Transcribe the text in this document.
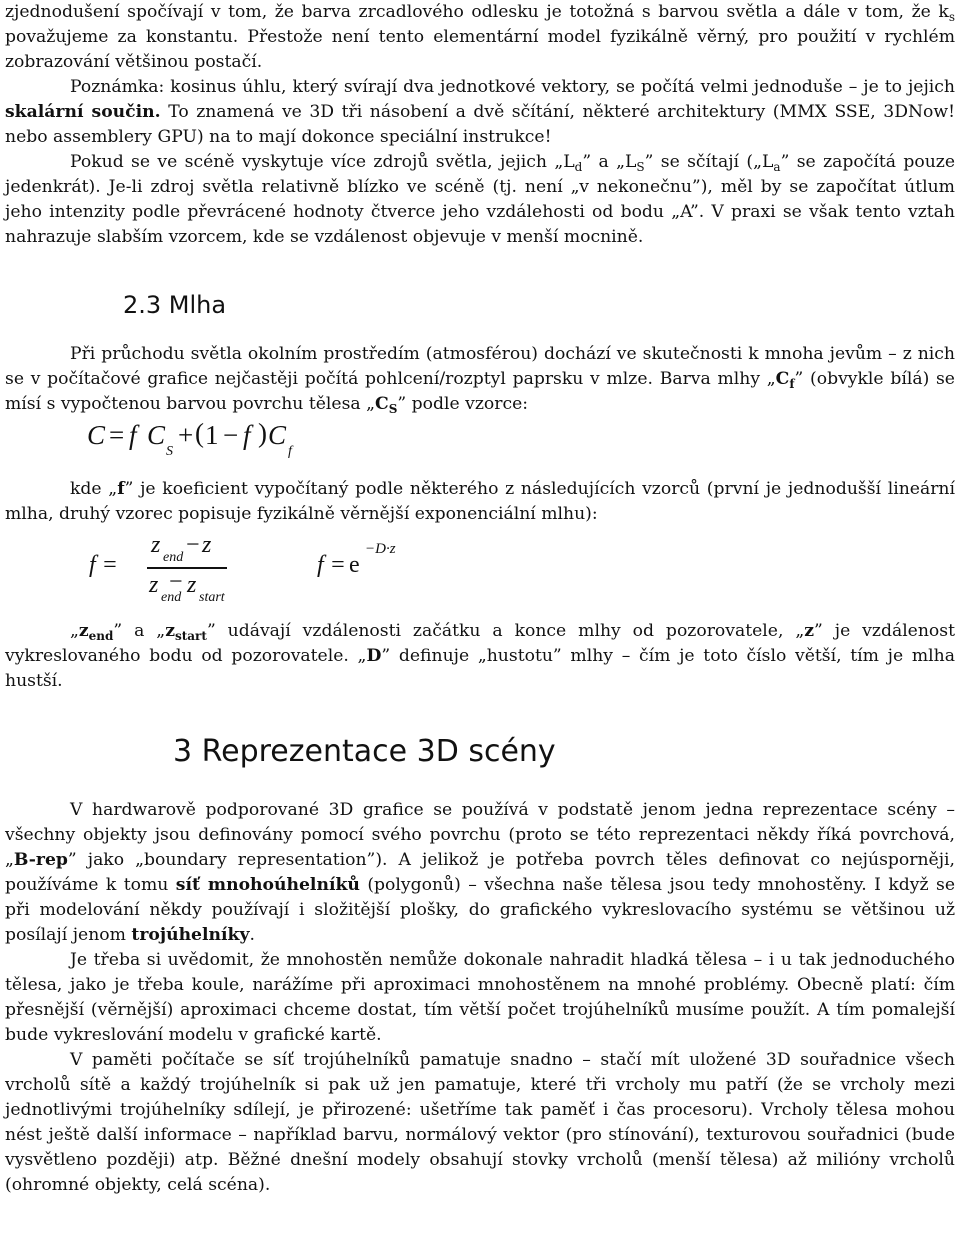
zjednodušení spočívají v tom, že barva zrcadlového odlesku je totožná s barvou světla a dále v tom, že $k_s$ považujeme za konstantu. Přestože není tento elementární model fyzikálně věrný, pro použití v rychlém zobrazování většinou postačí.

Poznámka: kosinus úhlu, který svírají dva jednotkové vektory, se počítá velmi jednoduše – je to jejich skalární součin. To znamená ve 3D tři násobení a dvě sčítání, některé architektury (MMX SSE, 3DNow! nebo assemblery GPU) na to mají dokonce speciální instrukce!

Pokud se ve scéně vyskytuje více zdrojů světla, jejich $„L_d$” a $„L_S$” se sčítají ($„L_a$” se započítá pouze jedenkrát). Je-li zdroj světla relativně blízko ve scéně (tj. není „v nekonečnu”), měl by se započítat útlum jeho intenzity podle převrácené hodnoty čtverce jeho vzdálehosti od bodu „A”. V praxi se však tento vztah nahrazuje slabším vzorcem, kde se vzdálenost objevuje v menší mocnině.

2.3 Mlha

Při průchodu světla okolním prostředím (atmosférou) dochází ve skutečnosti k mnoha jevům – z nich se v počítačové grafice nejčastěji počítá pohlcení/rozptyl paprsku v mlze. Barva mlhy $„C_f$” (obvykle bílá) se mísí s vypočtenou barvou povrchu tělesa $„C_S$” podle vzorce:

C = f C
S
+ ( 1 − f ) C
f

kde „f” je koeficient vypočítaný podle některého z následujících vzorců (první je jednodušší lineární mlha, druhý vzorec popisuje fyzikálně věrnější exponenciální mlhu):

f =
z end − z
z end
− z start
f = e
−D·z

$„z_{end}$” a $„z_{start}$” udávají vzdálenosti začátku a konce mlhy od pozorovatele, „z” je vzdálenost vykreslovaného bodu od pozorovatele. „D” definuje „hustotu” mlhy – čím je toto číslo větší, tím je mlha hustší.

3 Reprezentace 3D scény

V hardwarově podporované 3D grafice se používá v podstatě jenom jedna reprezentace scény – všechny objekty jsou definovány pomocí svého povrchu (proto se této reprezentaci někdy říká povrchová, „B-rep” jako „boundary representation”). A jelikož je potřeba povrch těles definovat co nejúsporněji, používáme k tomu síť mnohoúhelníků (polygonů) – všechna naše tělesa jsou tedy mnohostěny. I když se při modelování někdy používají i složitější plošky, do grafického vykreslovacího systému se většinou už posílají jenom trojúhelníky.

Je třeba si uvědomit, že mnohostěn nemůže dokonale nahradit hladká tělesa – i u tak jednoduchého tělesa, jako je třeba koule, narážíme při aproximaci mnohostěnem na mnohé problémy. Obecně platí: čím přesnější (věrnější) aproximaci chceme dostat, tím větší počet trojúhelníků musíme použít. A tím pomalejší bude vykreslování modelu v grafické kartě.

V paměti počítače se síť trojúhelníků pamatuje snadno – stačí mít uložené 3D souřadnice všech vrcholů sítě a každý trojúhelník si pak už jen pamatuje, které tři vrcholy mu patří (že se vrcholy mezi jednotlivými trojúhelníky sdílejí, je přirozené: ušetříme tak paměť i čas procesoru). Vrcholy tělesa mohou nést ještě další informace – například barvu, normálový vektor (pro stínování), texturovou souřadnici (bude vysvětleno později) atp. Běžné dnešní modely obsahují stovky vrcholů (menší tělesa) až milióny vrcholů (ohromné objekty, celá scéna).
